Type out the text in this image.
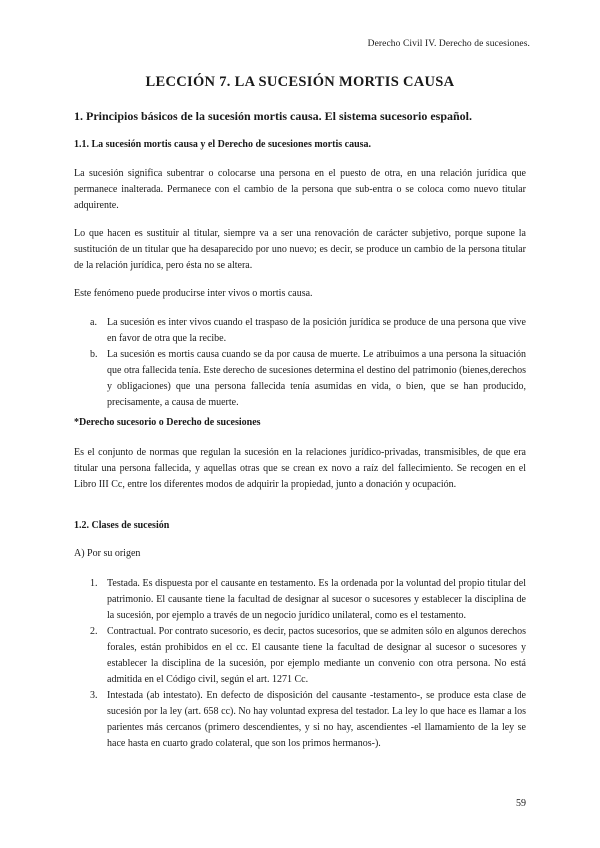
Derecho Civil IV. Derecho de sucesiones.
LECCIÓN 7. LA SUCESIÓN MORTIS CAUSA
1. Principios básicos de la sucesión mortis causa. El sistema sucesorio español.
1.1. La sucesión mortis causa y el Derecho de sucesiones mortis causa.

La sucesión significa subentrar o colocarse una persona en el puesto de otra, en una relación jurídica que permanece inalterada. Permanece con el cambio de la persona que sub-entra o se coloca como nuevo titular adquirente.

Lo que hacen es sustituir al titular, siempre va a ser una renovación de carácter subjetivo, porque supone la sustitución de un titular que ha desaparecido por uno nuevo; es decir, se produce un cambio de la persona titular de la relación jurídica, pero ésta no se altera.

Este fenómeno puede producirse inter vivos o mortis causa.

a. La sucesión es inter vivos cuando el traspaso de la posición jurídica se produce de una persona que vive en favor de otra que la recibe.
b. La sucesión es mortis causa cuando se da por causa de muerte. Le atribuimos a una persona la situación que otra fallecida tenía. Este derecho de sucesiones determina el destino del patrimonio (bienes,derechos y obligaciones) que una persona fallecida tenía asumidas en vida, o bien, que se han producido, precisamente, a causa de muerte.
*Derecho sucesorio o Derecho de sucesiones

Es el conjunto de normas que regulan la sucesión en la relaciones jurídico-privadas, transmisibles, de que era titular una persona fallecida, y aquellas otras que se crean ex novo a raíz del fallecimiento. Se recogen en el Libro III Cc, entre los diferentes modos de adquirir la propiedad, junto a donación y ocupación.

1.2. Clases de sucesión
A) Por su origen
1. Testada. Es dispuesta por el causante en testamento. Es la ordenada por la voluntad del propio titular del patrimonio. El causante tiene la facultad de designar al sucesor o sucesores y establecer la disciplina de la sucesión, por ejemplo a través de un negocio jurídico unilateral, como es el testamento.
2. Contractual. Por contrato sucesorio, es decir, pactos sucesorios, que se admiten sólo en algunos derechos forales, están prohibidos en el cc. El causante tiene la facultad de designar al sucesor o sucesores y establecer la disciplina de la sucesión, por ejemplo mediante un convenio con otra persona. No está admitida en el Código civil, según el art. 1271 Cc.
3. Intestada (ab intestato). En defecto de disposición del causante -testamento-, se produce esta clase de sucesión por la ley (art. 658 cc). No hay voluntad expresa del testador. La ley lo que hace es llamar a los parientes más cercanos (primero descendientes, y si no hay, ascendientes -el llamamiento de la ley se hace hasta en cuarto grado colateral, que son los primos hermanos-).
59
